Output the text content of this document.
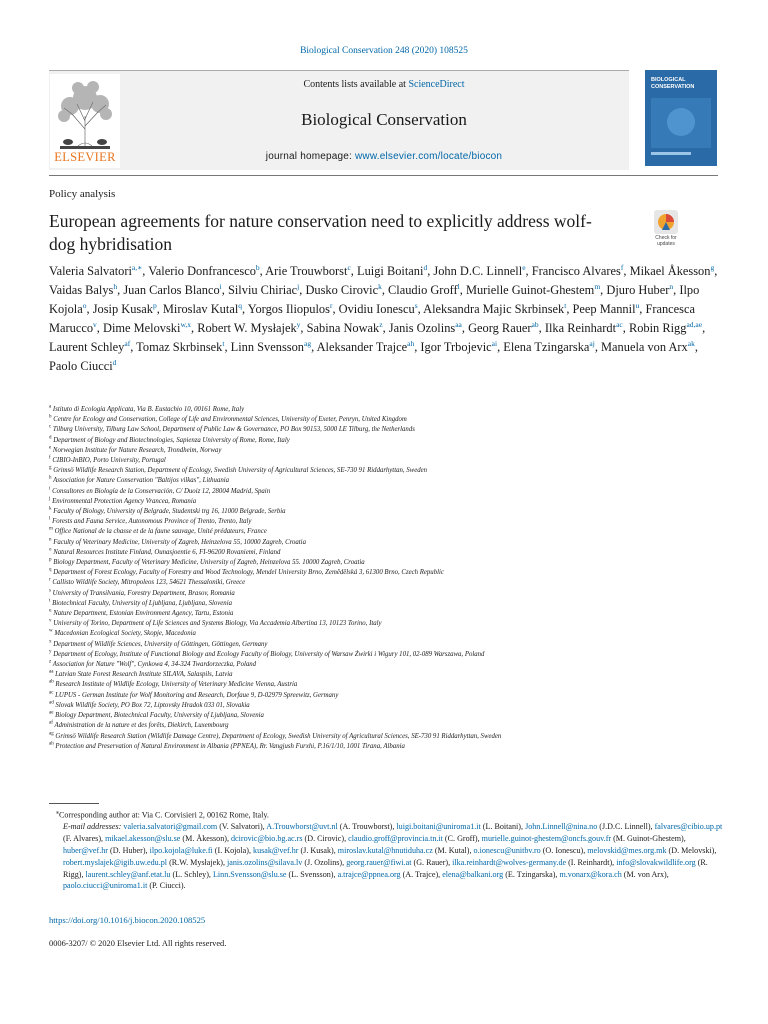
Biological Conservation 248 (2020) 108525
ELSEVIER
Contents lists available at ScienceDirect
Biological Conservation
journal homepage: www.elsevier.com/locate/biocon
BIOLOGICAL CONSERVATION
Policy analysis
European agreements for nature conservation need to explicitly address wolf-dog hybridisation	Check for
updates
Valeria Salvatori$^{a,∗}$, Valerio Donfrancesco$^b$, Arie Trouwborst$^c$, Luigi Boitani$^d$, John D.C. Linnell$^e$, Francisco Alvares$^f$, Mikael Åkesson$^g$, Vaidas Balys$^h$, Juan Carlos Blanco$^i$, Silviu Chiriac$^j$, Dusko Cirovic$^k$, Claudio Groff$^l$, Murielle Guinot-Ghestem$^m$, Djuro Huber$^n$, Ilpo Kojola$^o$, Josip Kusak$^p$, Miroslav Kutal$^q$, Yorgos Iliopulos$^r$, Ovidiu Ionescu$^s$, Aleksandra Majic Skrbinsek$^t$, Peep Mannil$^u$, Francesca Marucco$^v$, Dime Melovski$^{w,x}$, Robert W. Mysłajek$^y$, Sabina Nowak$^z$, Janis Ozolins$^{aa}$, Georg Rauer$^{ab}$, Ilka Reinhardt$^{ac}$, Robin Rigg$^{ad,ae}$, Laurent Schley$^{af}$, Tomaz Skrbinsek$^t$, Linn Svensson$^{ag}$, Aleksander Trajce$^{ah}$, Igor Trbojevic$^{ai}$, Elena Tzingarska$^{aj}$, Manuela von Arx$^{ak}$, Paolo Ciucci$^d$
$^a$ Istituto di Ecologia Applicata, Via B. Eustachio 10, 00161 Rome, Italy
$^b$ Centre for Ecology and Conservation, College of Life and Environmental Sciences, University of Exeter, Penryn, United Kingdom
$^c$ Tilburg University, Tilburg Law School, Department of Public Law & Governance, PO Box 90153, 5000 LE Tilburg, the Netherlands
$^d$ Department of Biology and Biotechnologies, Sapienza University of Rome, Rome, Italy
$^e$ Norwegian Institute for Nature Research, Trondheim, Norway
$^f$ CIBIO-InBIO, Porto University, Portugal
$^g$ Grimsö Wildlife Research Station, Department of Ecology, Swedish University of Agricultural Sciences, SE-730 91 Riddarhyttan, Sweden
$^h$ Association for Nature Conservation "Baltijos vilkas", Lithuania
$^i$ Consultores en Biología de la Conservación, C/ Duoiz 12, 28004 Madrid, Spain
$^j$ Environmental Protection Agency Vrancea, Romania
$^k$ Faculty of Biology, University of Belgrade, Studentski trg 16, 11000 Belgrade, Serbia
$^l$ Forests and Fauna Service, Autonomous Province of Trento, Trento, Italy
$^m$ Office National de la chasse et de la faune sauvage, Unité prédateurs, France
$^n$ Faculty of Veterinary Medicine, University of Zagreb, Heinzelova 55, 10000 Zagreb, Croatia
$^o$ Natural Resources Institute Finland, Ounasjoentie 6, FI-96200 Rovaniemi, Finland
$^p$ Biology Department, Faculty of Veterinary Medicine, University of Zagreb, Heinzelova 55. 10000 Zagreb, Croatia
$^q$ Department of Forest Ecology, Faculty of Forestry and Wood Technology, Mendel University Brno, Zemědělská 3, 61300 Brno, Czech Republic
$^r$ Callisto Wildlife Society, Mitropoleos 123, 54621 Thessaloniki, Greece
$^s$ University of Transilvania, Forestry Department, Brasov, Romania
$^t$ Biotechnical Faculty, University of Ljubljana, Ljubljana, Slovenia
$^u$ Nature Department, Estonian Environment Agency, Tartu, Estonia
$^v$ University of Torino, Department of Life Sciences and Systems Biology, Via Accademia Albertina 13, 10123 Torino, Italy
$^w$ Macedonian Ecological Society, Skopje, Macedonia
$^x$ Department of Wildlife Sciences, University of Göttingen, Göttingen, Germany
$^y$ Department of Ecology, Institute of Functional Biology and Ecology Faculty of Biology, University of Warsaw Żwirki i Wigury 101, 02-089 Warszawa, Poland
$^z$ Association for Nature "Wolf", Cynkowa 4, 34-324 Twardorzeczka, Poland
$^{aa}$ Latvian State Forest Research Institute SILAVA, Salaspils, Latvia
$^{ab}$ Research Institute of Wildlife Ecology, University of Veterinary Medicine Vienna, Austria
$^{ac}$ LUPUS - German Institute for Wolf Monitoring and Research, Dorfaue 9, D-02979 Spreewitz, Germany
$^{ad}$ Slovak Wildlife Society, PO Box 72, Liptovsky Hradok 033 01, Slovakia
$^{ae}$ Biology Department, Biotechnical Faculty, University of Ljubljana, Slovenia
$^{af}$ Administration de la nature et des forêts, Diekirch, Luxembourg
$^{ag}$ Grimsö Wildlife Research Station (Wildlife Damage Centre), Department of Ecology, Swedish University of Agricultural Sciences, SE-730 91 Riddarhyttan, Sweden
$^{ah}$ Protection and Preservation of Natural Environment in Albania (PPNEA), Rr. Vangjush Furxhi, P.16/1/10, 1001 Tirana, Albania
⁎Corresponding author at: Via C. Corvisieri 2, 00162 Rome, Italy.
E-mail addresses: valeria.salvatori@gmail.com (V. Salvatori), A.Trouwborst@uvt.nl (A. Trouwborst), luigi.boitani@uniroma1.it (L. Boitani), John.Linnell@nina.no (J.D.C. Linnell), falvares@cibio.up.pt (F. Alvares), mikael.akesson@slu.se (M. Åkesson), dcirovic@bio.bg.ac.rs (D. Cirovic), claudio.groff@provincia.tn.it (C. Groff), murielle.guinot-ghestem@oncfs.gouv.fr (M. Guinot-Ghestem), huber@vef.hr (D. Huber), ilpo.kojola@luke.fi (I. Kojola), kusak@vef.hr (J. Kusak), miroslav.kutal@hnutiduha.cz (M. Kutal), o.ionescu@unitbv.ro (O. Ionescu), melovskid@mes.org.mk (D. Melovski), robert.myslajek@igib.uw.edu.pl (R.W. Mysłajek), janis.ozolins@silava.lv (J. Ozolins), georg.rauer@fiwi.at (G. Rauer), ilka.reinhardt@wolves-germany.de (I. Reinhardt), info@slovakwildlife.org (R. Rigg), laurent.schley@anf.etat.lu (L. Schley), Linn.Svensson@slu.se (L. Svensson), a.trajce@ppnea.org (A. Trajce), elena@balkani.org (E. Tzingarska), m.vonarx@kora.ch (M. von Arx), paolo.ciucci@uniroma1.it (P. Ciucci).
https://doi.org/10.1016/j.biocon.2020.108525
0006-3207/ © 2020 Elsevier Ltd. All rights reserved.
